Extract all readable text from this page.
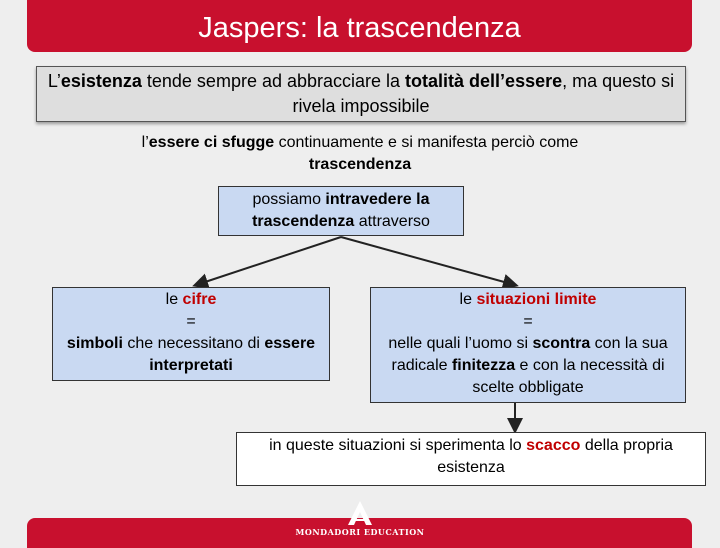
Jaspers: la trascendenza
L’esistenza tende sempre ad abbracciare la totalità dell’essere, ma questo si rivela impossibile
l’essere ci sfugge continuamente e si manifesta perciò come trascendenza
possiamo intravedere la trascendenza attraverso
le cifre
=
simboli che necessitano di essere interpretati
le situazioni limite
=
nelle quali l’uomo si scontra con la sua radicale finitezza e con la necessità di scelte obbligate
in queste situazioni si sperimenta lo scacco della propria esistenza
MONDADORI EDUCATION
